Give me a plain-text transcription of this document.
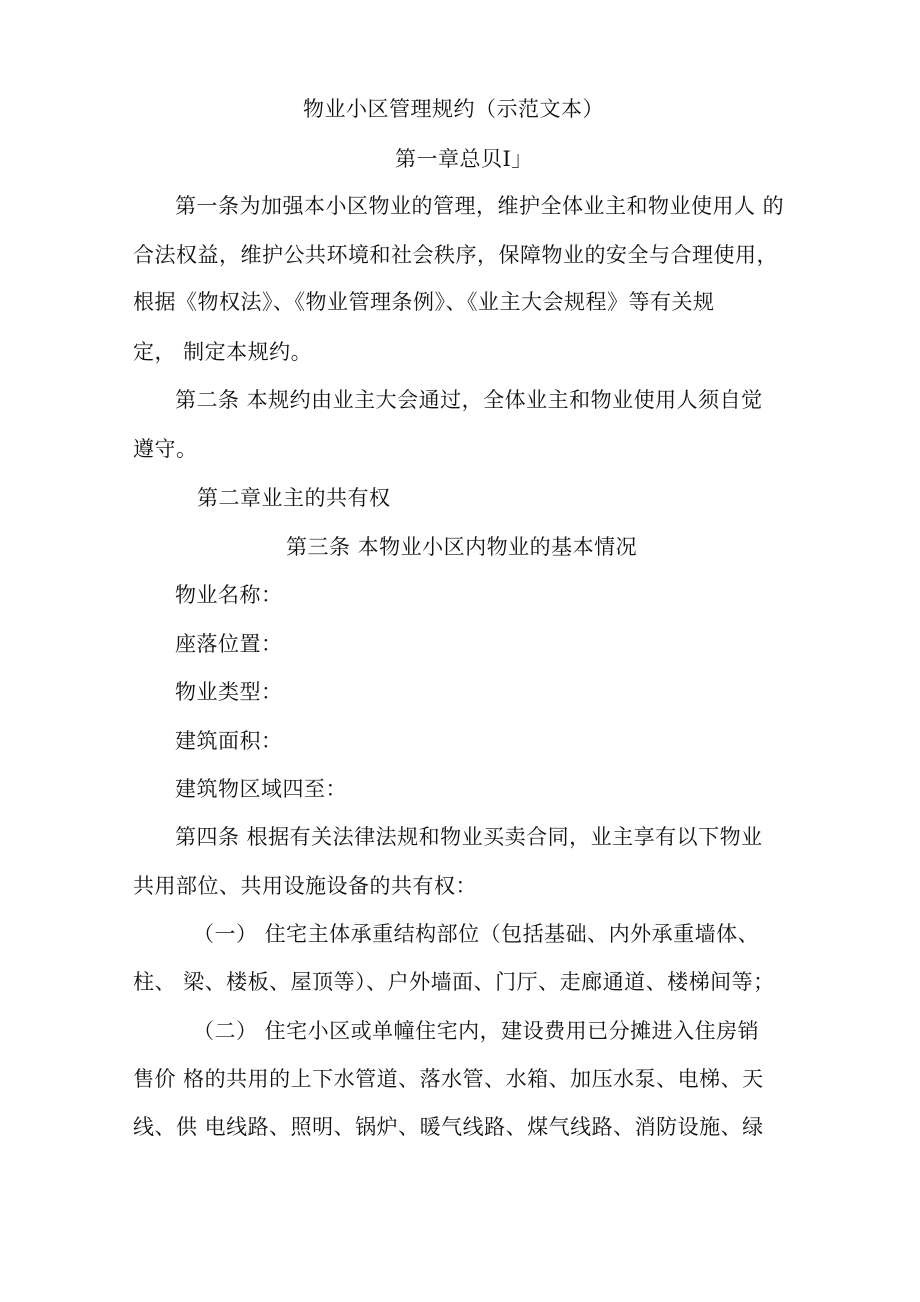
物业小区管理规约（示范文本）
第一章总贝I」
第一条为加强本小区物业的管理，维护全体业主和物业使用人 的
合法权益，维护公共环境和社会秩序，保障物业的安全与合理使用，
根据《物权法》、《物业管理条例》、《业主大会规程》等有关规
定， 制定本规约。
第二条 本规约由业主大会通过，全体业主和物业使用人须自觉
遵守。
第二章业主的共有权
第三条 本物业小区内物业的基本情况
物业名称：
座落位置：
物业类型：
建筑面积：
建筑物区域四至：
第四条 根据有关法律法规和物业买卖合同，业主享有以下物业
共用部位、共用设施设备的共有权：
（一） 住宅主体承重结构部位（包括基础、内外承重墙体、
柱、 梁、楼板、屋顶等）、户外墙面、门厅、走廊通道、楼梯间等；
（二） 住宅小区或单幢住宅内，建设费用已分摊进入住房销
售价 格的共用的上下水管道、落水管、水箱、加压水泵、电梯、天
线、供 电线路、照明、锅炉、暖气线路、煤气线路、消防设施、绿
